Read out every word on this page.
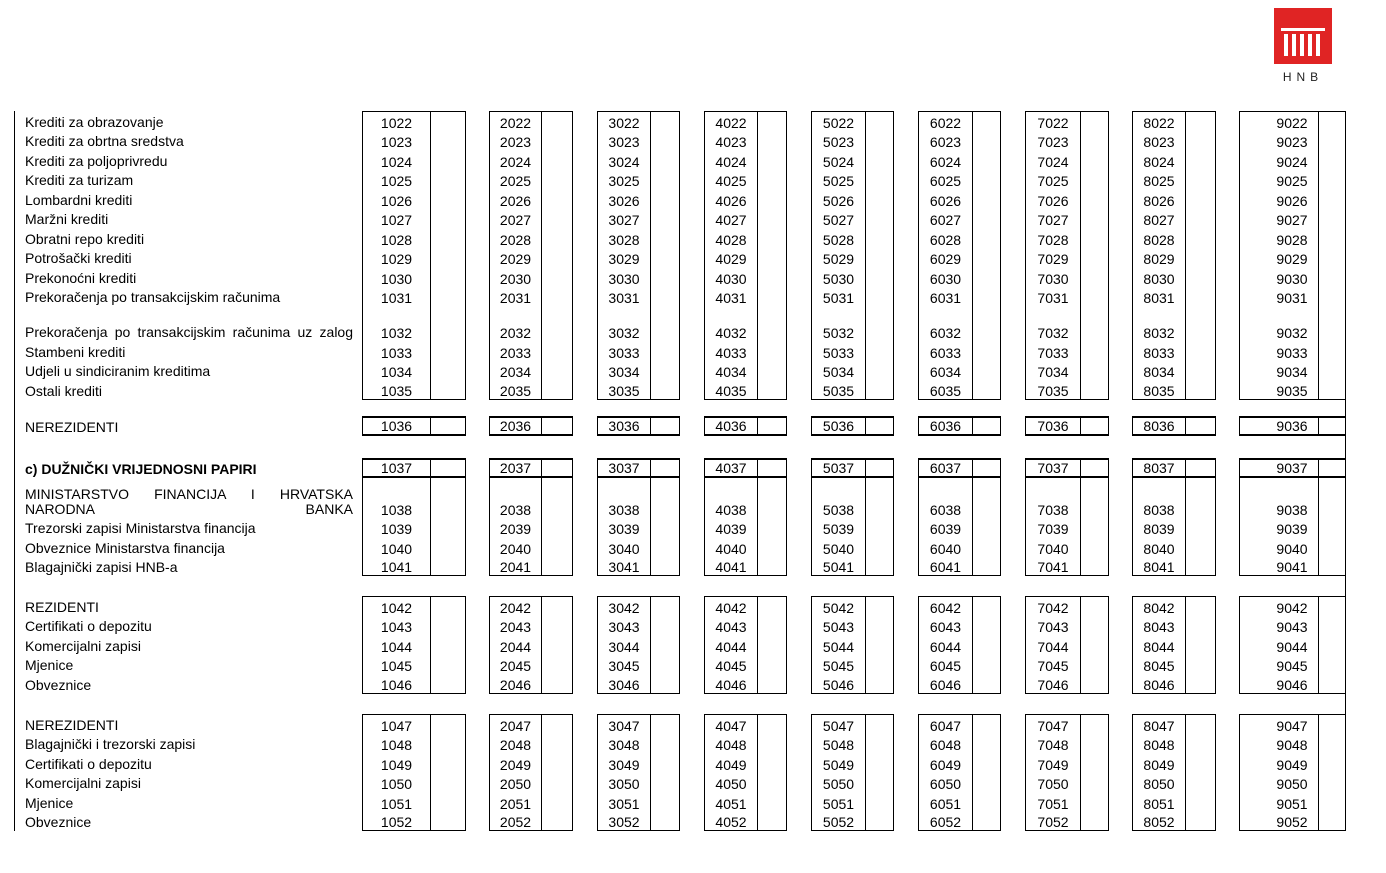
HNB
Krediti za obrazovanje	1022	2022	3022	4022	5022	6022	7022	8022	9022
Krediti za obrtna sredstva	1023	2023	3023	4023	5023	6023	7023	8023	9023
Krediti za poljoprivredu	1024	2024	3024	4024	5024	6024	7024	8024	9024
Krediti za turizam	1025	2025	3025	4025	5025	6025	7025	8025	9025
Lombardni krediti	1026	2026	3026	4026	5026	6026	7026	8026	9026
Maržni krediti	1027	2027	3027	4027	5027	6027	7027	8027	9027
Obratni repo krediti	1028	2028	3028	4028	5028	6028	7028	8028	9028
Potrošački krediti	1029	2029	3029	4029	5029	6029	7029	8029	9029
Prekonoćni krediti	1030	2030	3030	4030	5030	6030	7030	8030	9030
Prekoračenja po transakcijskim računima	1031	2031	3031	4031	5031	6031	7031	8031	9031
Prekoračenja po transakcijskim računima uz zalog	1032	2032	3032	4032	5032	6032	7032	8032	9032
Stambeni krediti	1033	2033	3033	4033	5033	6033	7033	8033	9033
Udjeli u sindiciranim kreditima	1034	2034	3034	4034	5034	6034	7034	8034	9034
Ostali krediti	1035	2035	3035	4035	5035	6035	7035	8035	9035
NEREZIDENTI	1036	2036	3036	4036	5036	6036	7036	8036	9036
c) DUŽNIČKI VRIJEDNOSNI PAPIRI	1037	2037	3037	4037	5037	6037	7037	8037	9037
MINISTARSTVO FINANCIJA I HRVATSKA NARODNA BANKA	1038	2038	3038	4038	5038	6038	7038	8038	9038
Trezorski zapisi Ministarstva financija	1039	2039	3039	4039	5039	6039	7039	8039	9039
Obveznice Ministarstva financija	1040	2040	3040	4040	5040	6040	7040	8040	9040
Blagajnički zapisi HNB-a	1041	2041	3041	4041	5041	6041	7041	8041	9041
REZIDENTI	1042	2042	3042	4042	5042	6042	7042	8042	9042
Certifikati o depozitu	1043	2043	3043	4043	5043	6043	7043	8043	9043
Komercijalni zapisi	1044	2044	3044	4044	5044	6044	7044	8044	9044
Mjenice	1045	2045	3045	4045	5045	6045	7045	8045	9045
Obveznice	1046	2046	3046	4046	5046	6046	7046	8046	9046
NEREZIDENTI	1047	2047	3047	4047	5047	6047	7047	8047	9047
Blagajnički i trezorski zapisi	1048	2048	3048	4048	5048	6048	7048	8048	9048
Certifikati o depozitu	1049	2049	3049	4049	5049	6049	7049	8049	9049
Komercijalni zapisi	1050	2050	3050	4050	5050	6050	7050	8050	9050
Mjenice	1051	2051	3051	4051	5051	6051	7051	8051	9051
Obveznice	1052	2052	3052	4052	5052	6052	7052	8052	9052
